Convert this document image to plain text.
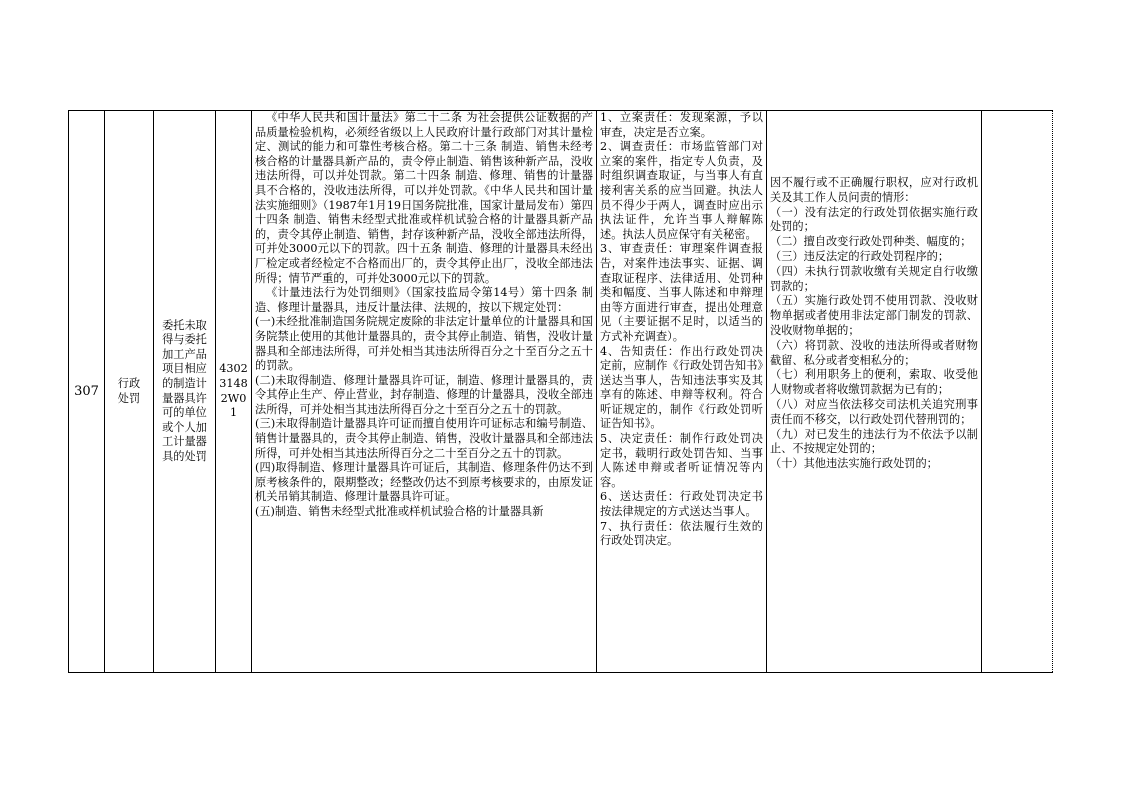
307
行政处罚
委托未取得与委托加工产品项目相应的制造计量器具许可的单位或个人加工计量器具的处罚
43023148 2W01

《中华人民共和国计量法》第二十二条 为社会提供公证数据的产品质量检验机构，必须经省级以上人民政府计量行政部门对其计量检定、测试的能力和可靠性考核合格。第二十三条 制造、销售未经考核合格的计量器具新产品的，责令停止制造、销售该种新产品，没收违法所得，可以并处罚款。第二十四条 制造、修理、销售的计量器具不合格的，没收违法所得，可以并处罚款。《中华人民共和国计量法实施细则》（1987年1月19日国务院批准，国家计量局发布）第四十四条 制造、销售未经型式批准或样机试验合格的计量器具新产品的，责令其停止制造、销售，封存该种新产品，没收全部违法所得，可并处3000元以下的罚款。四十五条 制造、修理的计量器具未经出厂检定或者经检定不合格而出厂的，责令其停止出厂，没收全部违法所得；情节严重的，可并处3000元以下的罚款。

《计量违法行为处罚细则》（国家技监局令第14号）第十四条 制造、修理计量器具，违反计量法律、法规的，按以下规定处罚：

(一)未经批准制造国务院规定废除的非法定计量单位的计量器具和国务院禁止使用的其他计量器具的，责令其停止制造、销售，没收计量器具和全部违法所得，可并处相当其违法所得百分之十至百分之五十的罚款。

(二)未取得制造、修理计量器具许可证，制造、修理计量器具的，责令其停止生产、停止营业，封存制造、修理的计量器具，没收全部违法所得，可并处相当其违法所得百分之十至百分之五十的罚款。

(三)未取得制造计量器具许可证而擅自使用许可证标志和编号制造、销售计量器具的，责令其停止制造、销售，没收计量器具和全部违法所得，可并处相当其违法所得百分之二十至百分之五十的罚款。

(四)取得制造、修理计量器具许可证后，其制造、修理条件仍达不到原考核条件的，限期整改；经整改仍达不到原考核要求的，由原发证机关吊销其制造、修理计量器具许可证。

(五)制造、销售未经型式批准或样机试验合格的计量器具新

1、立案责任：发现案源，予以审查，决定是否立案。

2、调查责任：市场监管部门对立案的案件，指定专人负责，及时组织调查取证，与当事人有直接利害关系的应当回避。执法人员不得少于两人，调查时应出示执法证件，允许当事人辩解陈述。执法人员应保守有关秘密。

3、审查责任：审理案件调查报告，对案件违法事实、证据、调查取证程序、法律适用、处罚种类和幅度、当事人陈述和申辩理由等方面进行审查，提出处理意见（主要证据不足时，以适当的方式补充调查）。

4、告知责任：作出行政处罚决定前，应制作《行政处罚告知书》送达当事人，告知违法事实及其享有的陈述、申辩等权利。符合听证规定的，制作《行政处罚听证告知书》。

5、决定责任：制作行政处罚决定书，载明行政处罚告知、当事人陈述申辩或者听证情况等内容。

6、送达责任：行政处罚决定书按法律规定的方式送达当事人。

7、执行责任：依法履行生效的行政处罚决定。

因不履行或不正确履行职权，应对行政机关及其工作人员问责的情形：

（一）没有法定的行政处罚依据实施行政处罚的；

（二）擅自改变行政处罚种类、幅度的；

（三）违反法定的行政处罚程序的；

（四）未执行罚款收缴有关规定自行收缴罚款的；

（五）实施行政处罚不使用罚款、没收财物单据或者使用非法定部门制发的罚款、没收财物单据的；

（六）将罚款、没收的违法所得或者财物截留、私分或者变相私分的；

（七）利用职务上的便利，索取、收受他人财物或者将收缴罚款据为已有的；

（八）对应当依法移交司法机关追究刑事责任而不移交，以行政处罚代替刑罚的；

（九）对已发生的违法行为不依法予以制止、不按规定处罚的；

（十）其他违法实施行政处罚的；
